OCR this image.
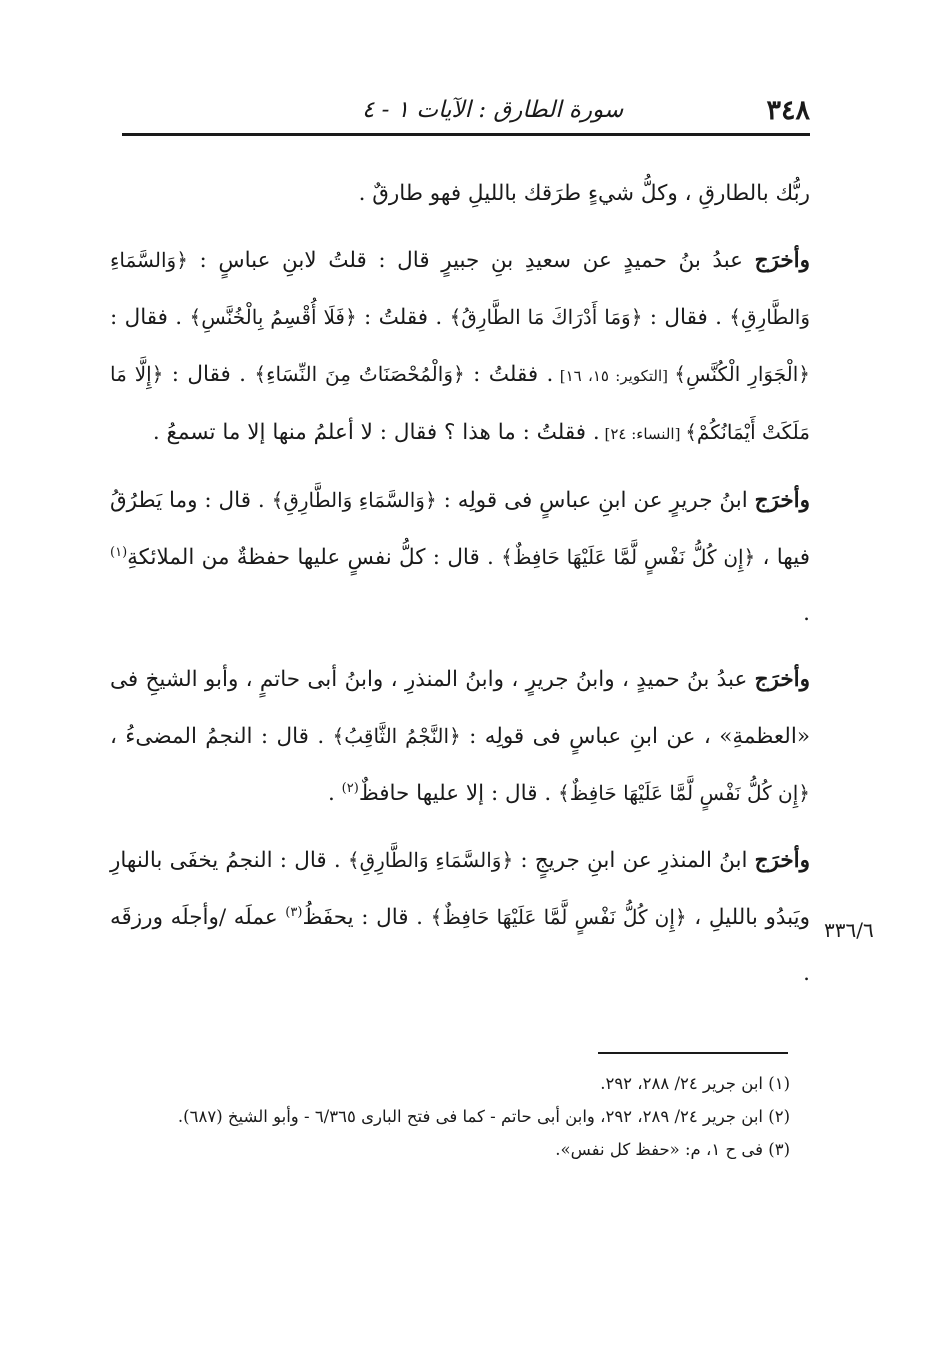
٣٤٨
سورة الطارق : الآيات ١ - ٤

ربُّك بالطارقِ ، وكلُّ شيءٍ طرَقك بالليلِ فهو طارقٌ .

وأخرَج عبدُ بنُ حميدٍ عن سعيدِ بنِ جبيرٍ قال : قلتُ لابنِ عباسٍ : ﴿وَالسَّمَاءِ وَالطَّارِقِ﴾ . فقال : ﴿وَمَا أَدْرَاكَ مَا الطَّارِقُ﴾ . فقلتُ : ﴿فَلَا أُقْسِمُ بِالْخُنَّسِ﴾ . فقال : ﴿الْجَوَارِ الْكُنَّسِ﴾ [التكوير: ١٥، ١٦] . فقلتُ : ﴿وَالْمُحْصَنَاتُ مِنَ النِّسَاءِ﴾ . فقال : ﴿إِلَّا مَا مَلَكَتْ أَيْمَانُكُمْ﴾ [النساء: ٢٤] . فقلتُ : ما هذا ؟ فقال : لا أعلمُ منها إلا ما تسمعُ .

وأخرَج ابنُ جريرٍ عن ابنِ عباسٍ فى قولِه : ﴿وَالسَّمَاءِ وَالطَّارِقِ﴾ . قال : وما يَطرُقُ فيها ، ﴿إِن كُلُّ نَفْسٍ لَّمَّا عَلَيْهَا حَافِظٌ﴾ . قال : كلُّ نفسٍ عليها حفظةٌ من الملائكةِ$^{(١)}$ .

وأخرَج عبدُ بنُ حميدٍ ، وابنُ جريرٍ ، وابنُ المنذرِ ، وابنُ أبى حاتمٍ ، وأبو الشيخِ فى «العظمةِ» ، عن ابنِ عباسٍ فى قولِه : ﴿النَّجْمُ الثَّاقِبُ﴾ . قال : النجمُ المضىءُ ، ﴿إِن كُلُّ نَفْسٍ لَّمَّا عَلَيْهَا حَافِظٌ﴾ . قال : إلا عليها حافظٌ$^{(٢)}$ .

وأخرَج ابنُ المنذرِ عن ابنِ جريجٍ : ﴿وَالسَّمَاءِ وَالطَّارِقِ﴾ . قال : النجمُ يخفَى بالنهارِ ويَبدُو بالليلِ ، ﴿إِن كُلُّ نَفْسٍ لَّمَّا عَلَيْهَا حَافِظٌ﴾ . قال : يحفَظُ$^{(٣)}$ عملَه /وأجلَه ورزقَه .

٣٣٦/٦

(١) ابن جرير ٢٤/ ٢٨٨، ٢٩٢.

(٢) ابن جرير ٢٤/ ٢٨٩، ٢٩٢، وابن أبى حاتم - كما فى فتح البارى ٦/٣٦٥ - وأبو الشيخ (٦٨٧).

(٣) فى ح ١، م: «حفظ كل نفس».
